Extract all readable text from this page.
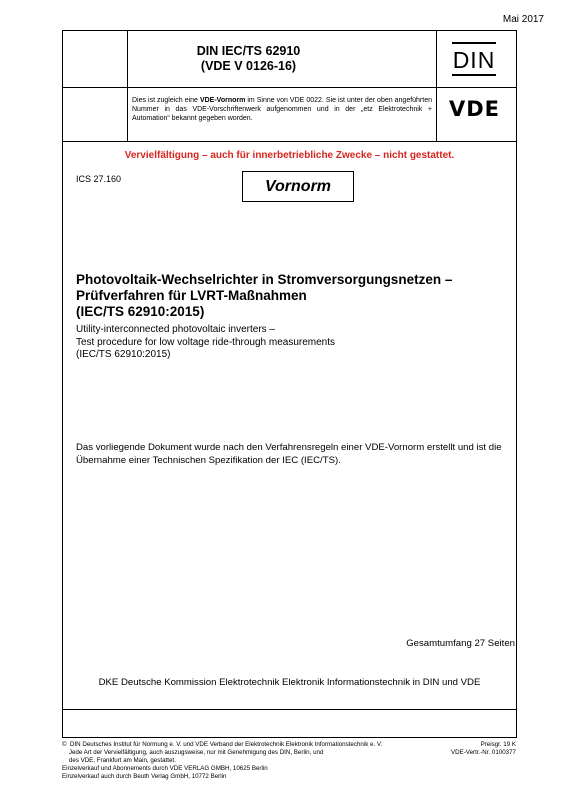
Mai 2017
DIN IEC/TS 62910
(VDE V 0126-16)	DIN
Dies ist zugleich eine VDE-Vornorm im Sinne von VDE 0022. Sie ist unter der oben angeführten Nummer in das VDE-Vorschriftenwerk aufgenommen und in der „etz Elektrotechnik + Automation“ bekannt gegeben worden.	VDE
Vervielfältigung – auch für innerbetriebliche Zwecke – nicht gestattet.
ICS 27.160	Vornorm
Photovoltaik-Wechselrichter in Stromversorgungsnetzen –
Prüfverfahren für LVRT-Maßnahmen
(IEC/TS 62910:2015)
Utility-interconnected photovoltaic inverters –
Test procedure for low voltage ride-through measurements
(IEC/TS 62910:2015)
Das vorliegende Dokument wurde nach den Verfahrensregeln einer VDE-Vornorm erstellt und ist die Übernahme einer Technischen Spezifikation der IEC (IEC/TS).
Gesamtumfang 27 Seiten
DKE Deutsche Kommission Elektrotechnik Elektronik Informationstechnik in DIN und VDE
©  DIN Deutsches Institut für Normung e. V. und VDE Verband der Elektrotechnik Elektronik Informationstechnik e. V.
Jede Art der Vervielfältigung, auch auszugsweise, nur mit Genehmigung des DIN, Berlin, und
des VDE, Frankfurt am Main, gestattet.
Einzelverkauf und Abonnements durch VDE VERLAG GMBH, 10625 Berlin
Einzelverkauf auch durch Beuth Verlag GmbH, 10772 Berlin
Preisgr. 19 K
VDE-Vertr.-Nr. 0100377
